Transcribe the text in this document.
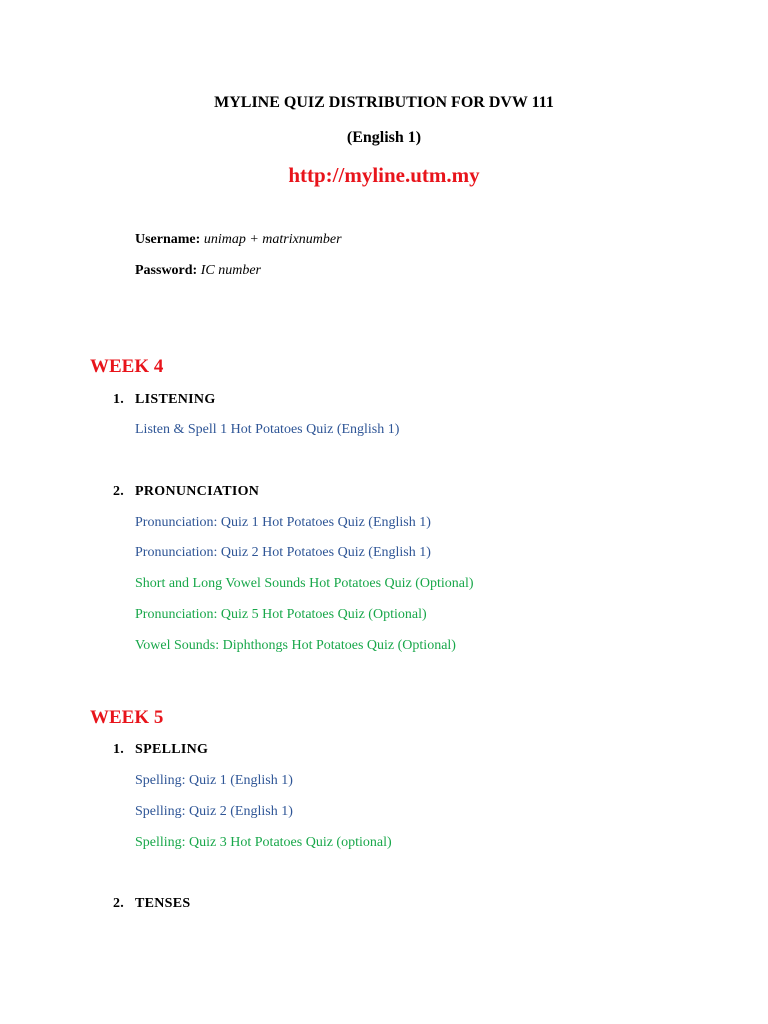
MYLINE QUIZ DISTRIBUTION FOR DVW 111
(English 1)
http://myline.utm.my
Username: unimap + matrixnumber
Password: IC number
WEEK 4
1. LISTENING
Listen & Spell 1 Hot Potatoes Quiz (English 1)
2. PRONUNCIATION
Pronunciation: Quiz 1 Hot Potatoes Quiz (English 1)
Pronunciation: Quiz 2 Hot Potatoes Quiz (English 1)
Short and Long Vowel Sounds Hot Potatoes Quiz (Optional)
Pronunciation: Quiz 5 Hot Potatoes Quiz (Optional)
Vowel Sounds: Diphthongs Hot Potatoes Quiz (Optional)
WEEK 5
1. SPELLING
Spelling: Quiz 1 (English 1)
Spelling: Quiz 2 (English 1)
Spelling: Quiz 3 Hot Potatoes Quiz (optional)
2. TENSES
